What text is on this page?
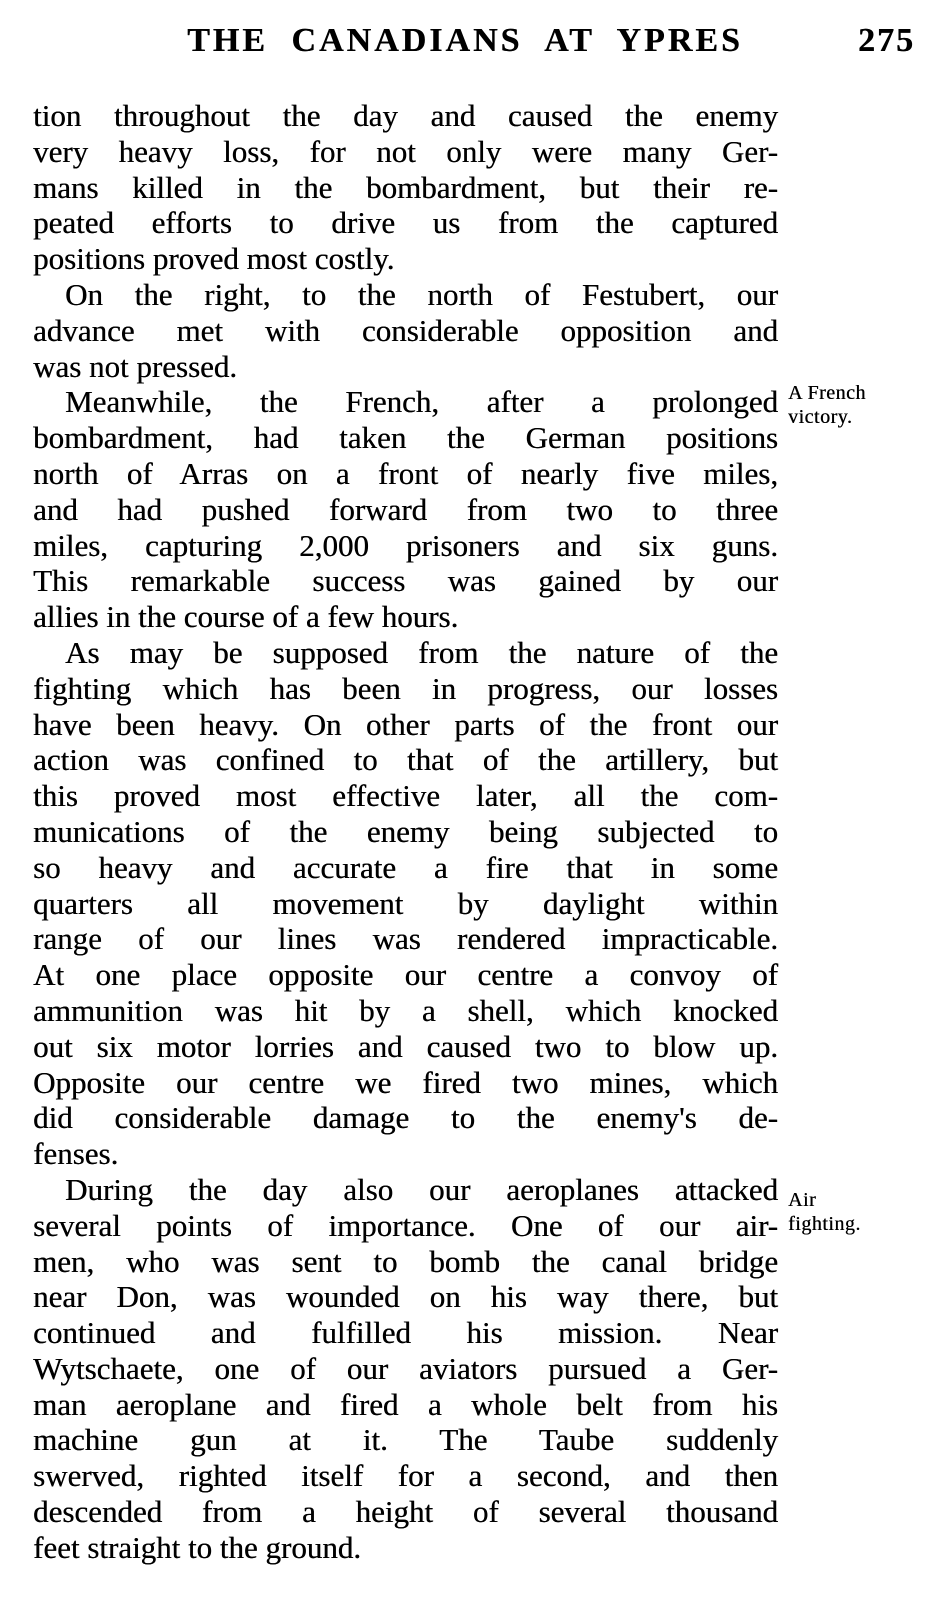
THE CANADIANS AT YPRES	275
tion throughout the day and caused the enemy
very heavy loss, for not only were many Ger-
mans killed in the bombardment, but their re-
peated efforts to drive us from the captured
positions proved most costly.
On the right, to the north of Festubert, our
advance met with considerable opposition and
was not pressed.
A French
victory.
Meanwhile, the French, after a prolonged
bombardment, had taken the German positions
north of Arras on a front of nearly five miles,
and had pushed forward from two to three
miles, capturing 2,000 prisoners and six guns.
This remarkable success was gained by our
allies in the course of a few hours.
As may be supposed from the nature of the
fighting which has been in progress, our losses
have been heavy. On other parts of the front our
action was confined to that of the artillery, but
this proved most effective later, all the com-
munications of the enemy being subjected to
so heavy and accurate a fire that in some
quarters all movement by daylight within
range of our lines was rendered impracticable.
At one place opposite our centre a convoy of
ammunition was hit by a shell, which knocked
out six motor lorries and caused two to blow up.
Opposite our centre we fired two mines, which
did considerable damage to the enemy's de-
fenses.
Air
fighting.
During the day also our aeroplanes attacked
several points of importance. One of our air-
men, who was sent to bomb the canal bridge
near Don, was wounded on his way there, but
continued and fulfilled his mission. Near
Wytschaete, one of our aviators pursued a Ger-
man aeroplane and fired a whole belt from his
machine gun at it. The Taube suddenly
swerved, righted itself for a second, and then
descended from a height of several thousand
feet straight to the ground.
